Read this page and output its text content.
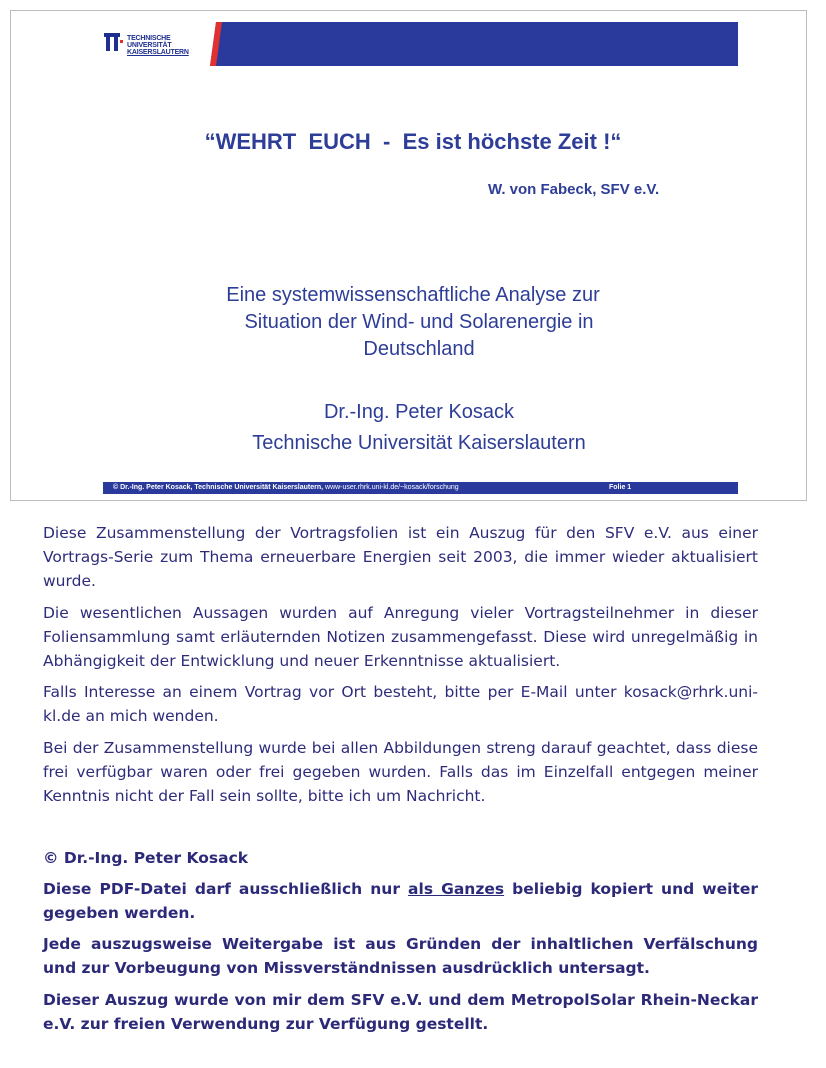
TECHNISCHE UNIVERSITÄT
KAISERSLAUTERN
“WEHRT  EUCH  -  Es ist höchste Zeit !“
W. von Fabeck, SFV e.V.
Eine systemwissenschaftliche Analyse zur
Situation der Wind- und Solarenergie in
Deutschland
Dr.-Ing. Peter Kosack
Technische Universität Kaiserslautern
© Dr.-Ing. Peter Kosack, Technische Universität Kaiserslautern, www-user.rhrk.uni-kl.de/~kosack/forschung	Folie 1
Diese Zusammenstellung der Vortragsfolien ist ein Auszug für den SFV e.V. aus einer Vortrags-Serie zum Thema erneuerbare Energien seit 2003, die immer wieder aktualisiert wurde.
Die wesentlichen Aussagen wurden auf Anregung vieler Vortragsteilnehmer in dieser Foliensammlung samt erläuternden Notizen zusammengefasst. Diese wird unregelmäßig in Abhängigkeit der Entwicklung und neuer Erkenntnisse aktualisiert.
Falls Interesse an einem Vortrag vor Ort besteht, bitte per E-Mail unter kosack@rhrk.uni-kl.de an mich wenden.
Bei der Zusammenstellung wurde bei allen Abbildungen streng darauf geachtet, dass diese frei verfügbar waren oder frei gegeben wurden. Falls das im Einzelfall entgegen meiner Kenntnis nicht der Fall sein sollte, bitte ich um Nachricht.
© Dr.-Ing. Peter Kosack
Diese PDF-Datei darf ausschließlich nur als Ganzes beliebig kopiert und weiter gegeben werden.
Jede auszugsweise Weitergabe ist aus Gründen der inhaltlichen Verfälschung und zur Vorbeugung von Missverständnissen ausdrücklich untersagt.
Dieser Auszug wurde von mir dem SFV e.V. und dem MetropolSolar Rhein-Neckar e.V. zur freien Verwendung zur Verfügung gestellt.
